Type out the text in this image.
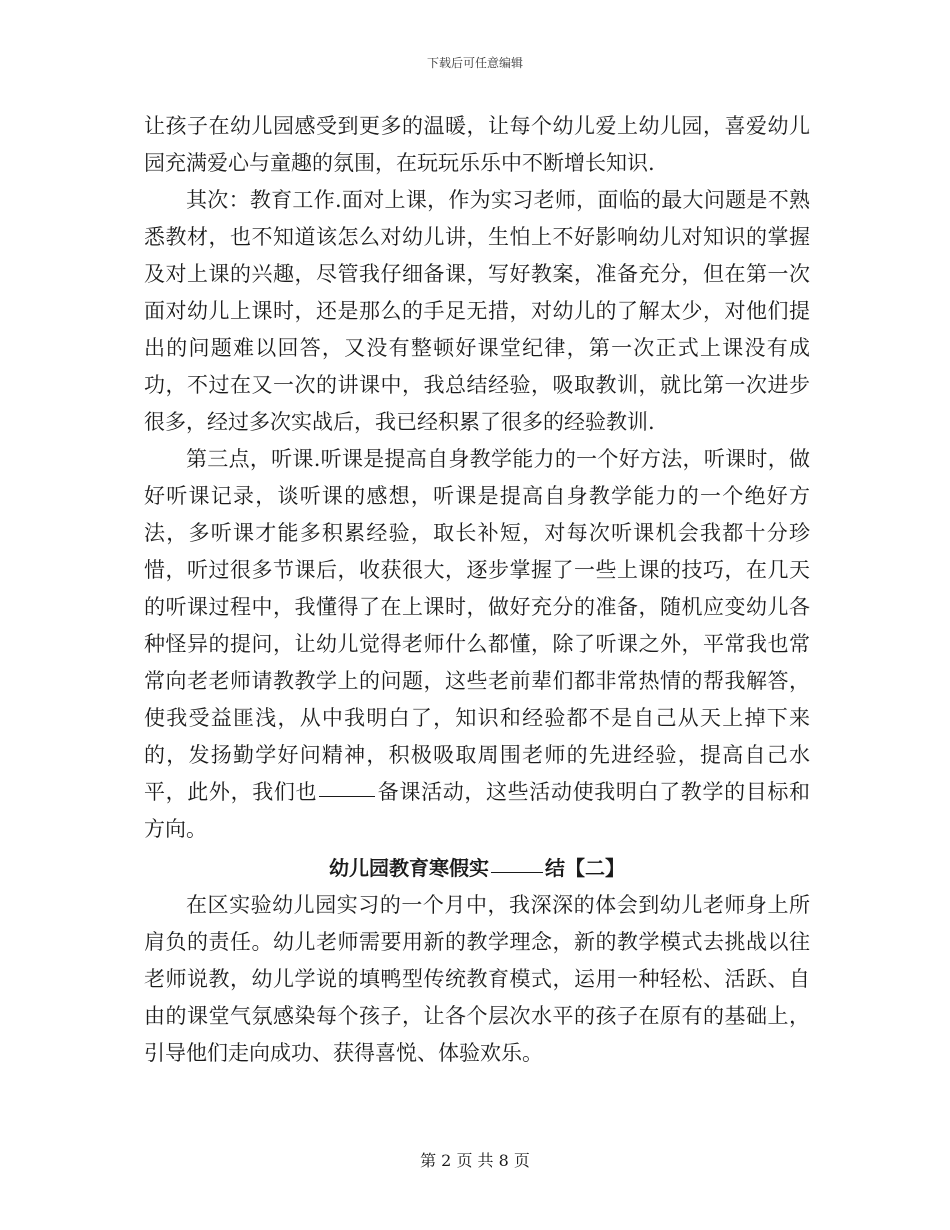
下载后可任意编辑

让孩子在幼儿园感受到更多的温暖，让每个幼儿爱上幼儿园，喜爱幼儿园充满爱心与童趣的氛围，在玩玩乐乐中不断增长知识.

其次：教育工作.面对上课，作为实习老师，面临的最大问题是不熟悉教材，也不知道该怎么对幼儿讲，生怕上不好影响幼儿对知识的掌握及对上课的兴趣，尽管我仔细备课，写好教案，准备充分，但在第一次面对幼儿上课时，还是那么的手足无措，对幼儿的了解太少，对他们提出的问题难以回答，又没有整顿好课堂纪律，第一次正式上课没有成功，不过在又一次的讲课中，我总结经验，吸取教训，就比第一次进步很多，经过多次实战后，我已经积累了很多的经验教训.

第三点，听课.听课是提高自身教学能力的一个好方法，听课时，做好听课记录，谈听课的感想，听课是提高自身教学能力的一个绝好方法，多听课才能多积累经验，取长补短，对每次听课机会我都十分珍惜，听过很多节课后，收获很大，逐步掌握了一些上课的技巧，在几天的听课过程中，我懂得了在上课时，做好充分的准备，随机应变幼儿各种怪异的提问，让幼儿觉得老师什么都懂，除了听课之外，平常我也常常向老老师请教教学上的问题，这些老前辈们都非常热情的帮我解答，使我受益匪浅，从中我明白了，知识和经验都不是自己从天上掉下来的，发扬勤学好问精神，积极吸取周围老师的先进经验，提高自己水平，此外，我们也	备课活动，这些活动使我明白了教学的目标和方向。

幼儿园教育寒假实	结【二】

在区实验幼儿园实习的一个月中，我深深的体会到幼儿老师身上所肩负的责任。幼儿老师需要用新的教学理念，新的教学模式去挑战以往老师说教，幼儿学说的填鸭型传统教育模式，运用一种轻松、活跃、自由的课堂气氛感染每个孩子，让各个层次水平的孩子在原有的基础上，引导他们走向成功、获得喜悦、体验欢乐。

第 2 页 共 8 页
